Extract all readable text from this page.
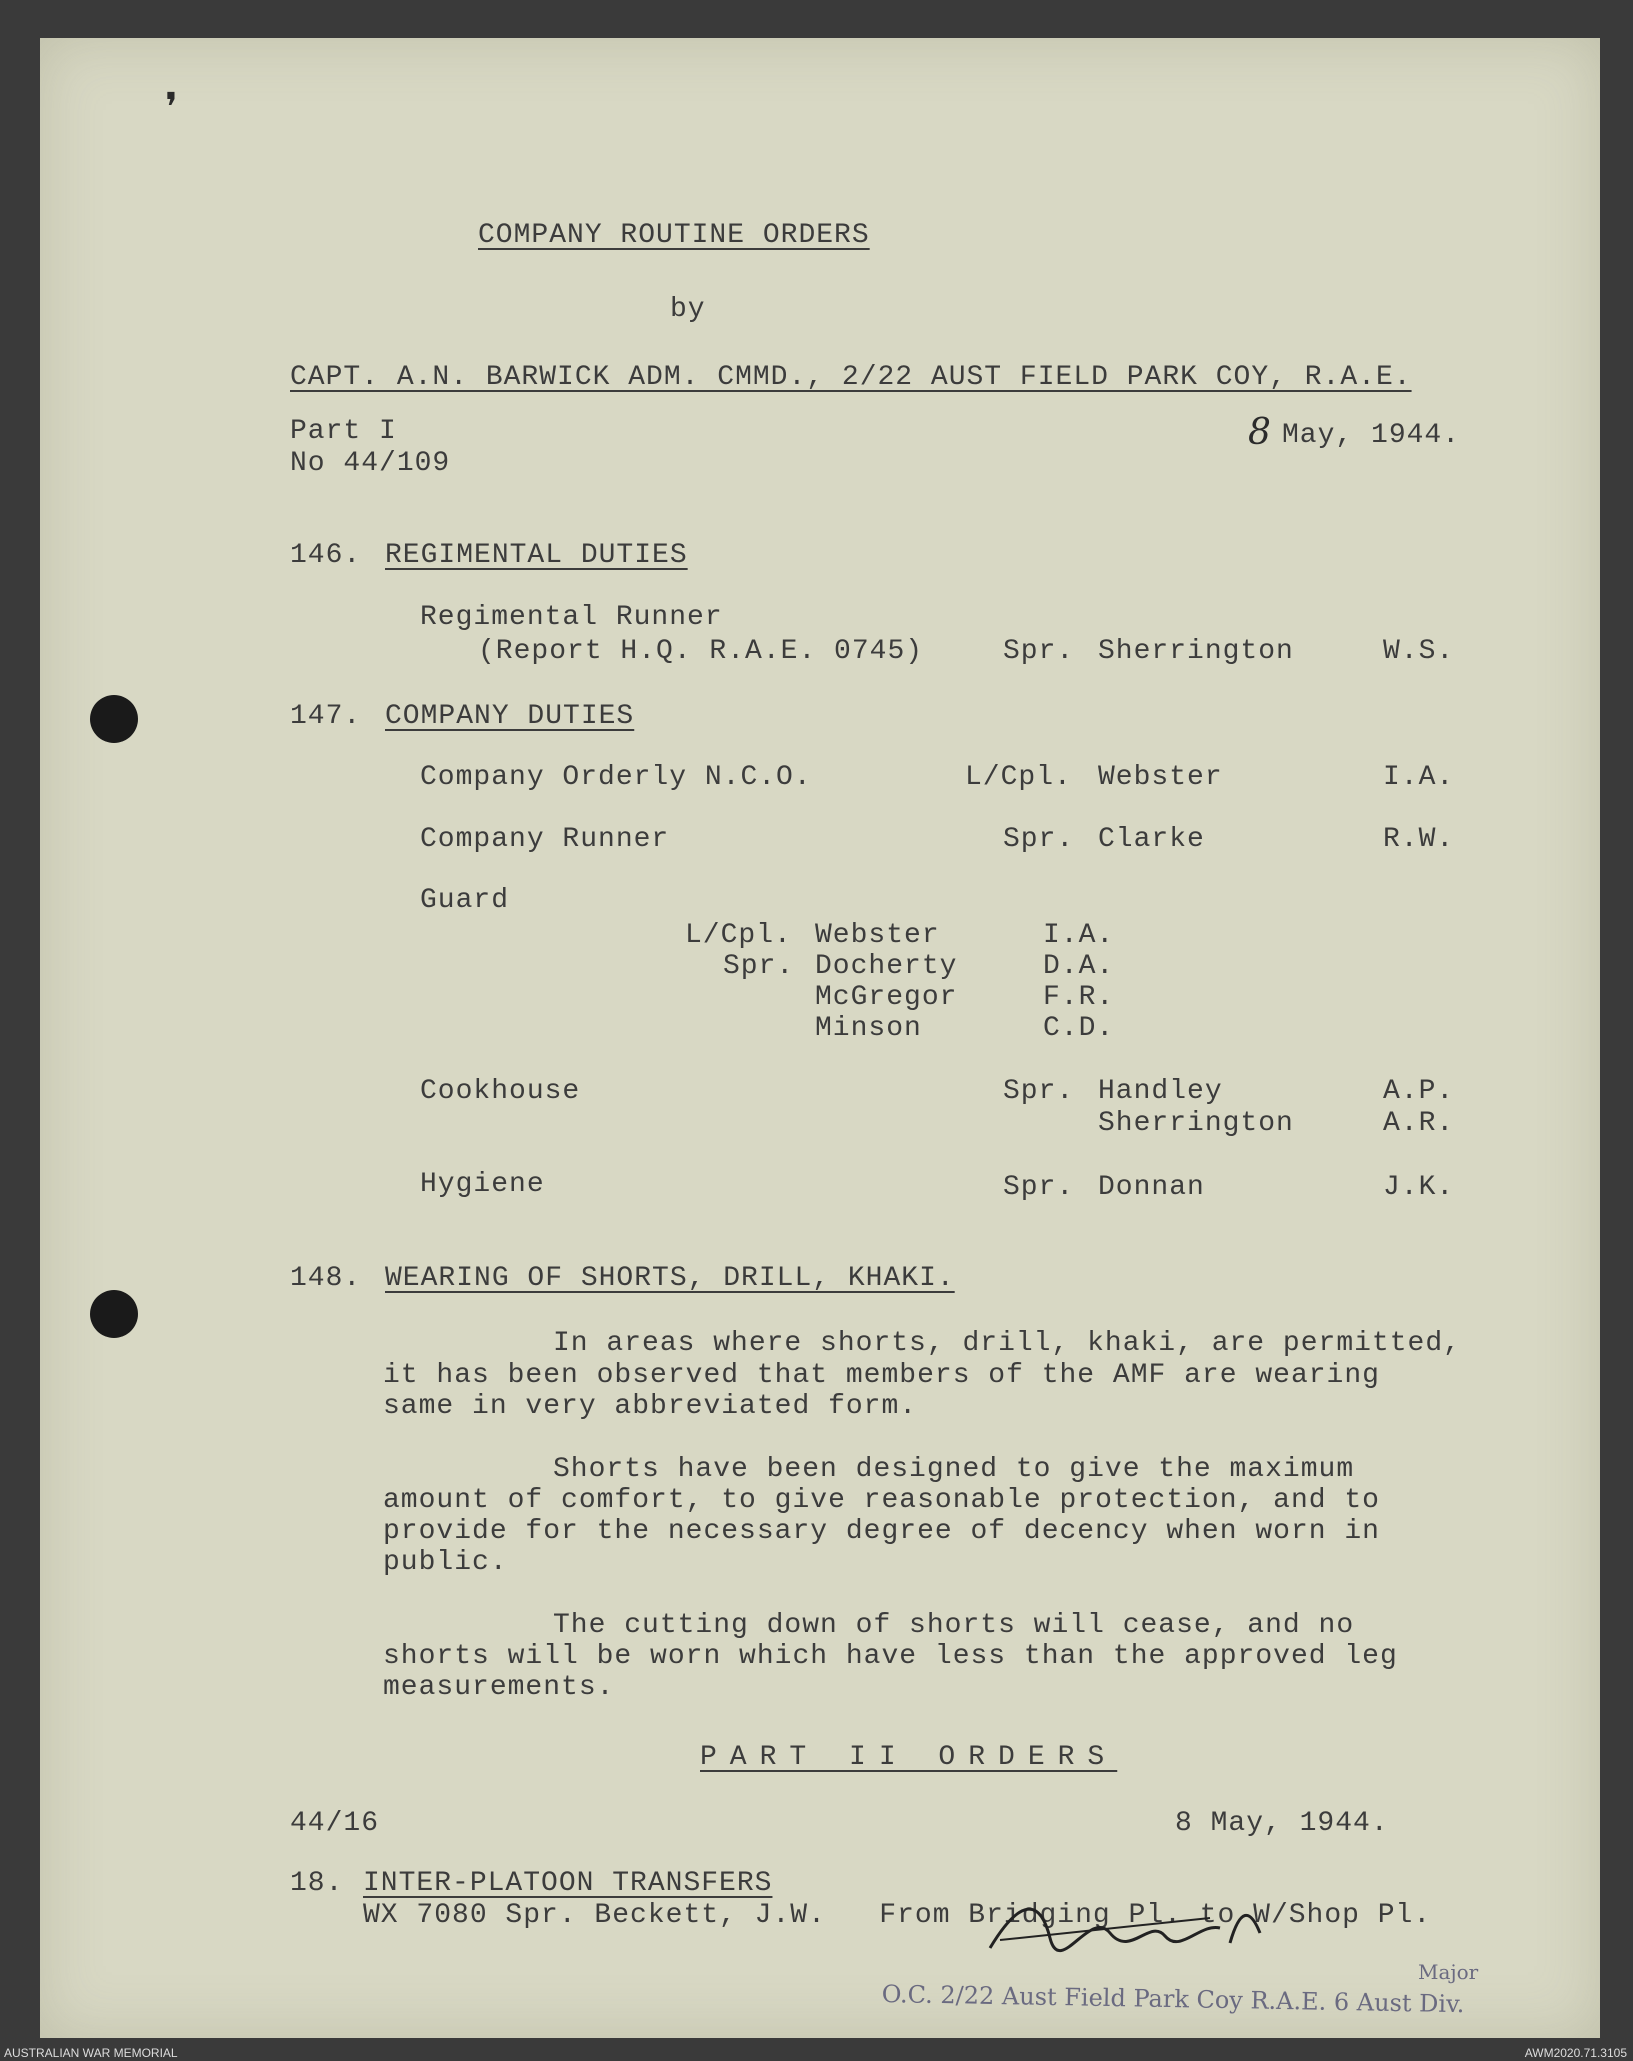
❜
COMPANY ROUTINE ORDERS
by
CAPT. A.N. BARWICK ADM. CMMD., 2/22 AUST FIELD PARK COY, R.A.E.
Part I
No 44/109
8 May, 1944.
146. REGIMENTAL DUTIES
Regimental Runner
(Report H.Q. R.A.E. 0745)	Spr. Sherrington	W.S.
147. COMPANY DUTIES
Company Orderly N.C.O.	L/Cpl. Webster	I.A.
Company Runner	Spr. Clarke	R.W.
Guard
L/Cpl. Webster	I.A.
Spr. Docherty	D.A.
McGregor	F.R.
Minson	C.D.
Cookhouse	Spr. Handley	A.P.
Sherrington	A.R.
Hygiene	Spr. Donnan	J.K.
148. WEARING OF SHORTS, DRILL, KHAKI.
In areas where shorts, drill, khaki, are permitted,
it has been observed that members of the AMF are wearing
same in very abbreviated form.
Shorts have been designed to give the maximum
amount of comfort, to give reasonable protection, and to
provide for the necessary degree of decency when worn in
public.
The cutting down of shorts will cease, and no
shorts will be worn which have less than the approved leg
measurements.
PART II ORDERS
44/16	8 May, 1944.
18. INTER-PLATOON TRANSFERS
WX 7080 Spr. Beckett, J.W.   From Bridging Pl. to W/Shop Pl.
Major
O.C. 2/22 Aust Field Park Coy R.A.E. 6 Aust Div.
AUSTRALIAN WAR MEMORIAL	AWM2020.71.3105
